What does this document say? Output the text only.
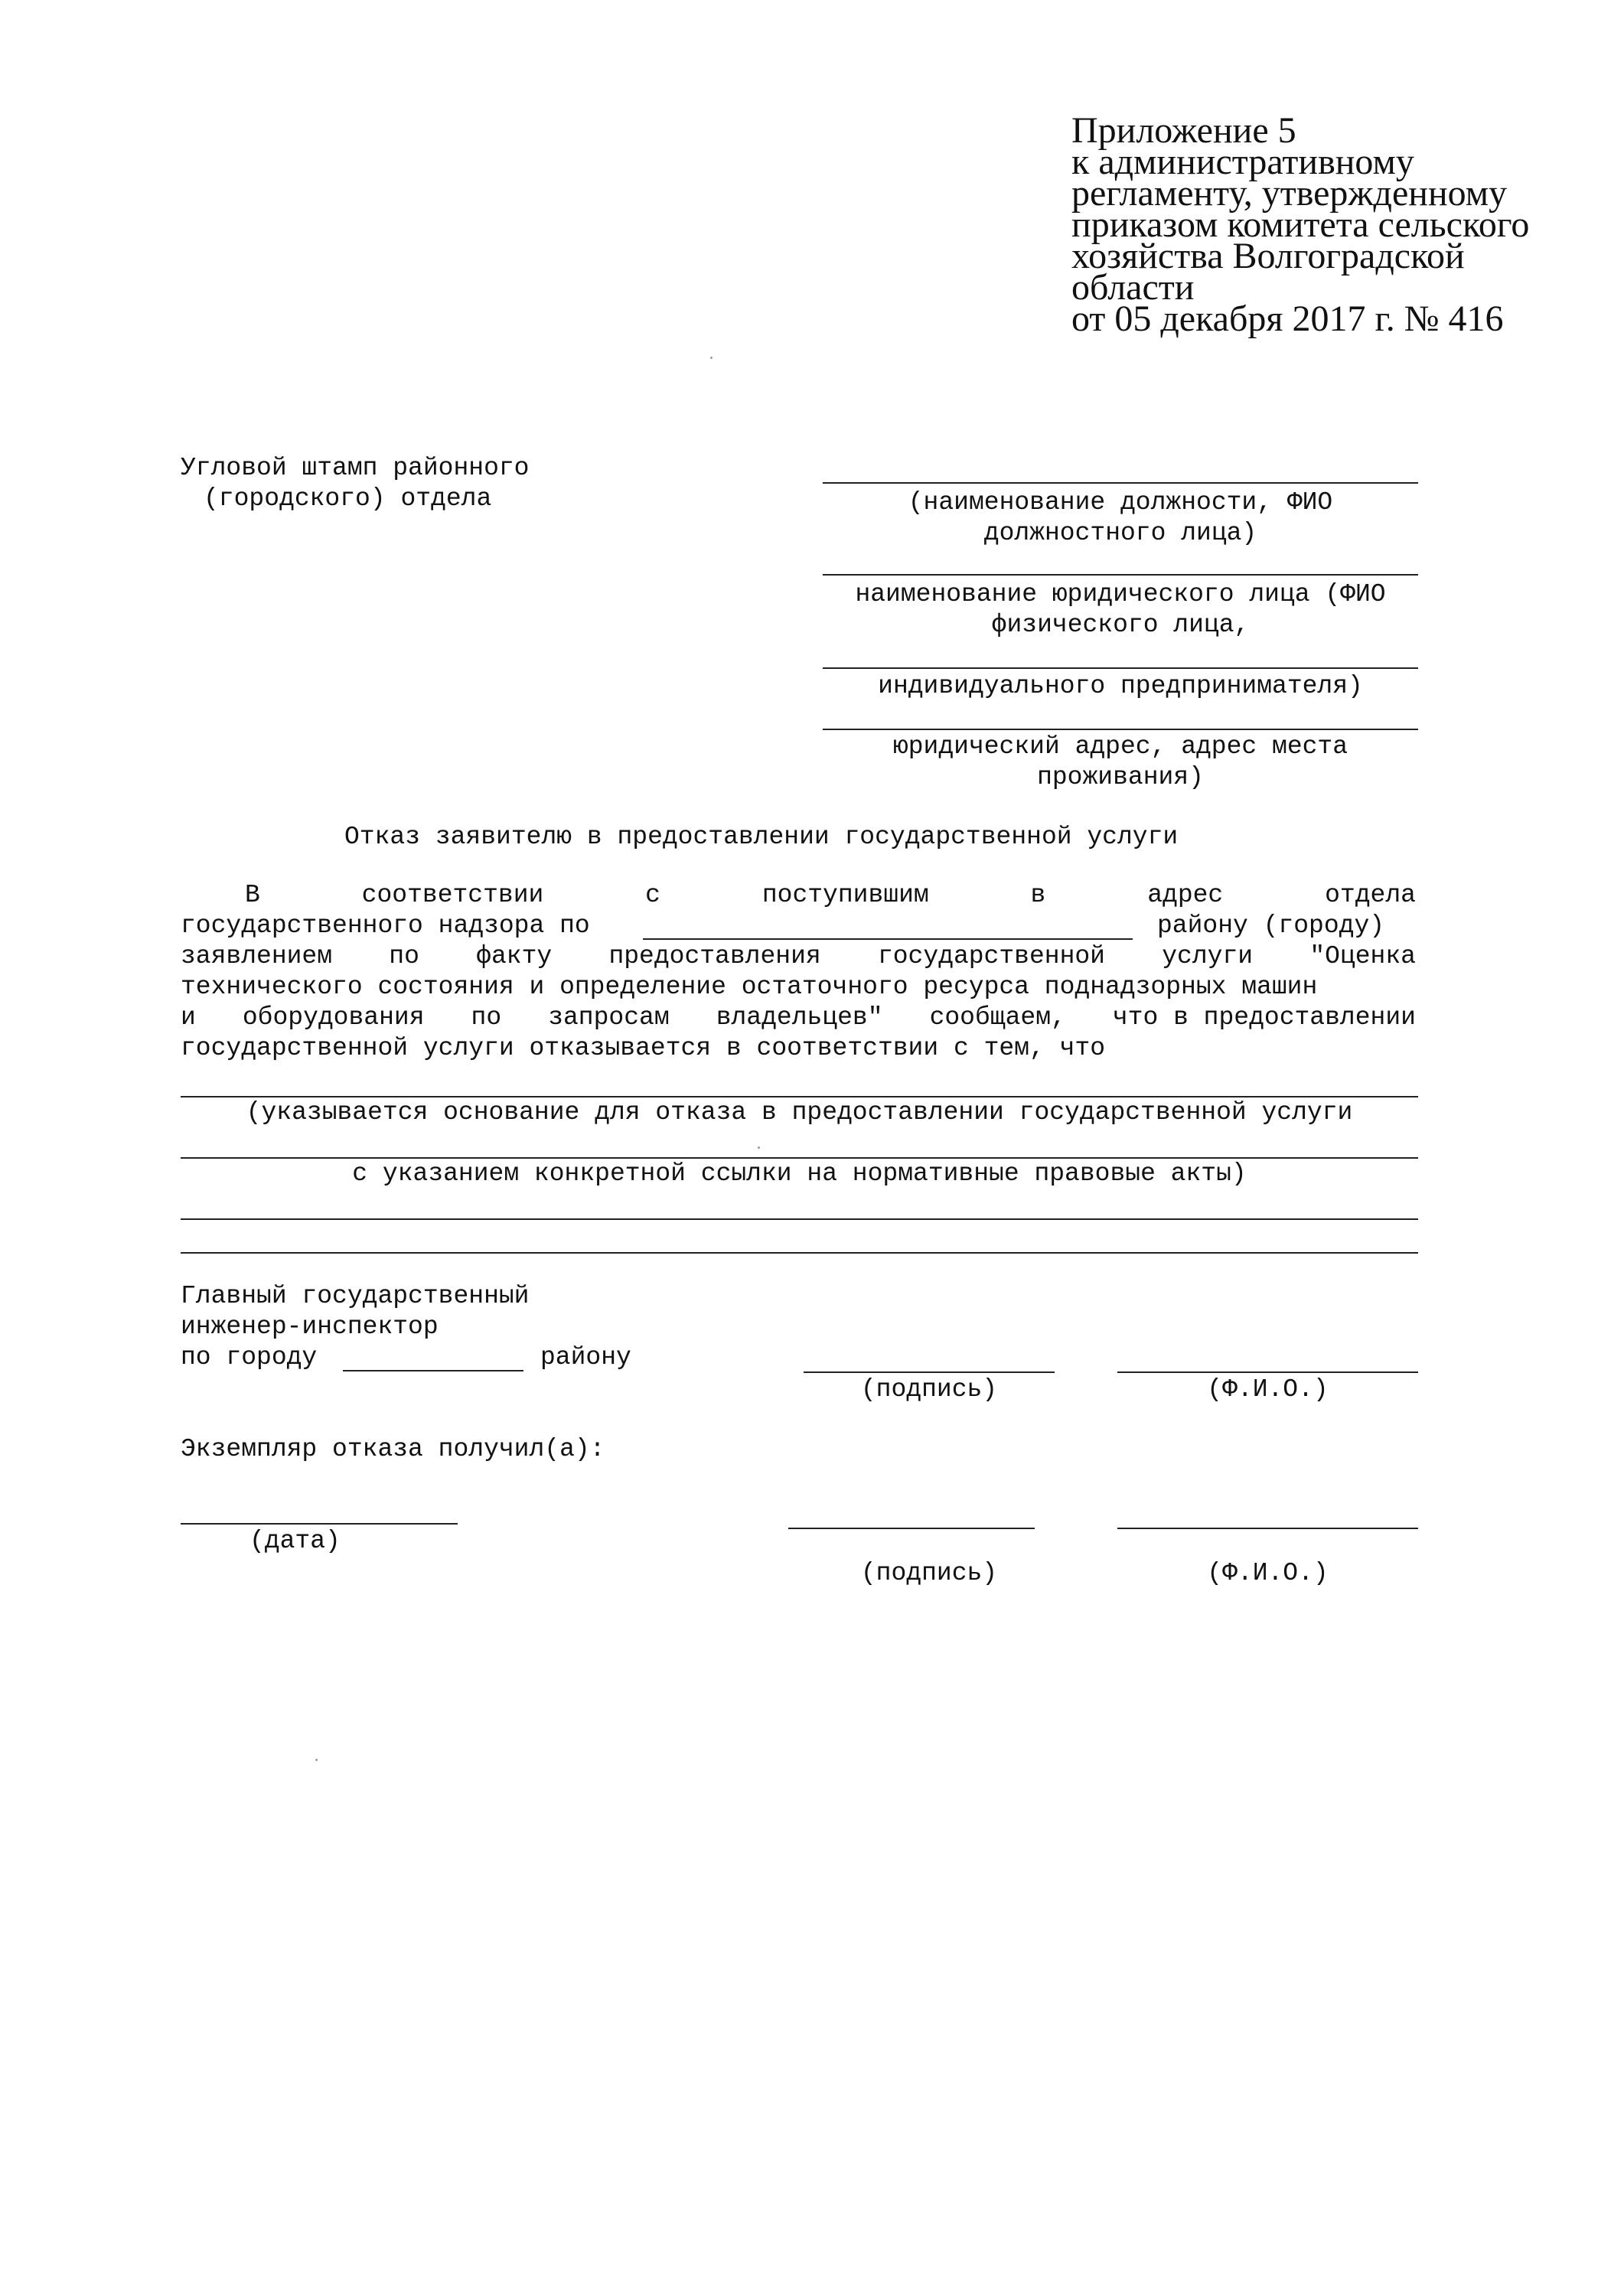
Приложение 5
к административному
регламенту, утвержденному
приказом комитета сельского
хозяйства Волгоградской
области
от 05 декабря 2017 г. № 416
Угловой штамп районного
(городского) отдела	(наименование должности, ФИО
должностного лица)
наименование юридического лица (ФИО
физического лица,
индивидуального предпринимателя)
юридический адрес, адрес места
проживания)
Отказ заявителю в предоставлении государственной услуги
В	соответствии	с	поступившим	в	адрес	отдела
государственного надзора по	району (городу)
заявлением по факту предоставления государственной услуги "Оценка
технического состояния и определение остаточного ресурса поднадзорных машин
и оборудования по запросам владельцев" сообщаем, что в предоставлении
государственной услуги отказывается в соответствии с тем, что
(указывается основание для отказа в предоставлении государственной услуги
с указанием конкретной ссылки на нормативные правовые акты)
Главный государственный
инженер-инспектор
по городу	району
(подпись)	(Ф.И.О.)
Экземпляр отказа получил(а):
(дата)
(подпись)	(Ф.И.О.)
